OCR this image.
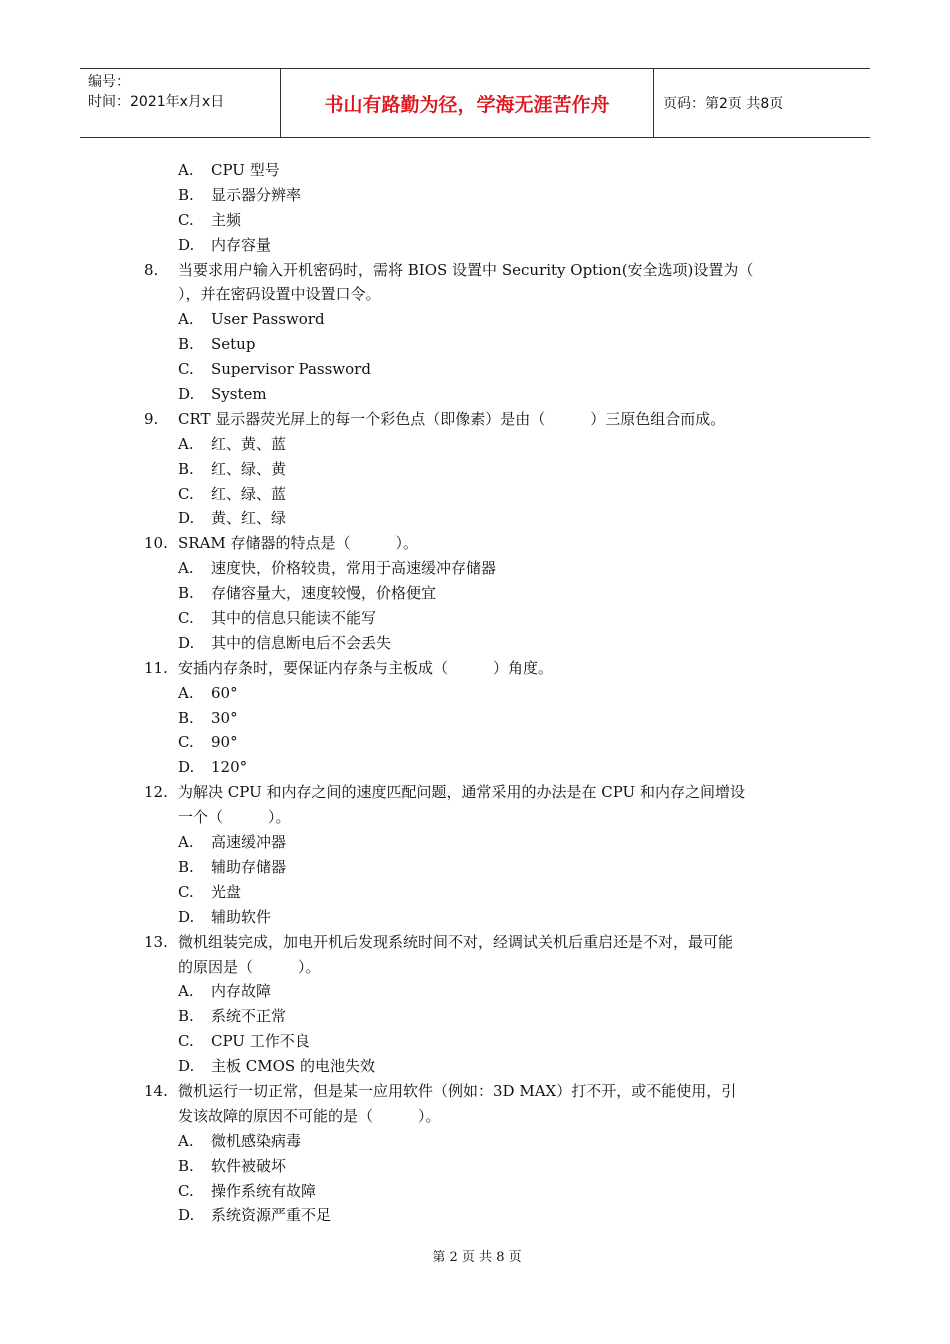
编号：
时间：2021年x月x日	书山有路勤为径，学海无涯苦作舟	页码：第2页 共8页
A. CPU 型号
B. 显示器分辨率
C. 主频
D. 内存容量
8. 当要求用户输入开机密码时，需将 BIOS 设置中 Security Option(安全选项)设置为（
），并在密码设置中设置口令。
A. User Password
B. Setup
C. Supervisor Password
D. System
9. CRT 显示器荧光屏上的每一个彩色点（即像素）是由（　　　）三原色组合而成。
A. 红、黄、蓝
B. 红、绿、黄
C. 红、绿、蓝
D. 黄、红、绿
10. SRAM 存储器的特点是（　　　）。
A. 速度快，价格较贵，常用于高速缓冲存储器
B. 存储容量大，速度较慢，价格便宜
C. 其中的信息只能读不能写
D. 其中的信息断电后不会丢失
11. 安插内存条时，要保证内存条与主板成（　　　）角度。
A. 60°
B. 30°
C. 90°
D. 120°
12. 为解决 CPU 和内存之间的速度匹配问题，通常采用的办法是在 CPU 和内存之间增设
一个（　　　）。
A. 高速缓冲器
B. 辅助存储器
C. 光盘
D. 辅助软件
13. 微机组装完成，加电开机后发现系统时间不对，经调试关机后重启还是不对，最可能
的原因是（　　　）。
A. 内存故障
B. 系统不正常
C. CPU 工作不良
D. 主板 CMOS 的电池失效
14. 微机运行一切正常，但是某一应用软件（例如：3D MAX）打不开，或不能使用，引
发该故障的原因不可能的是（　　　）。
A. 微机感染病毒
B. 软件被破坏
C. 操作系统有故障
D. 系统资源严重不足
第 2 页 共 8 页
